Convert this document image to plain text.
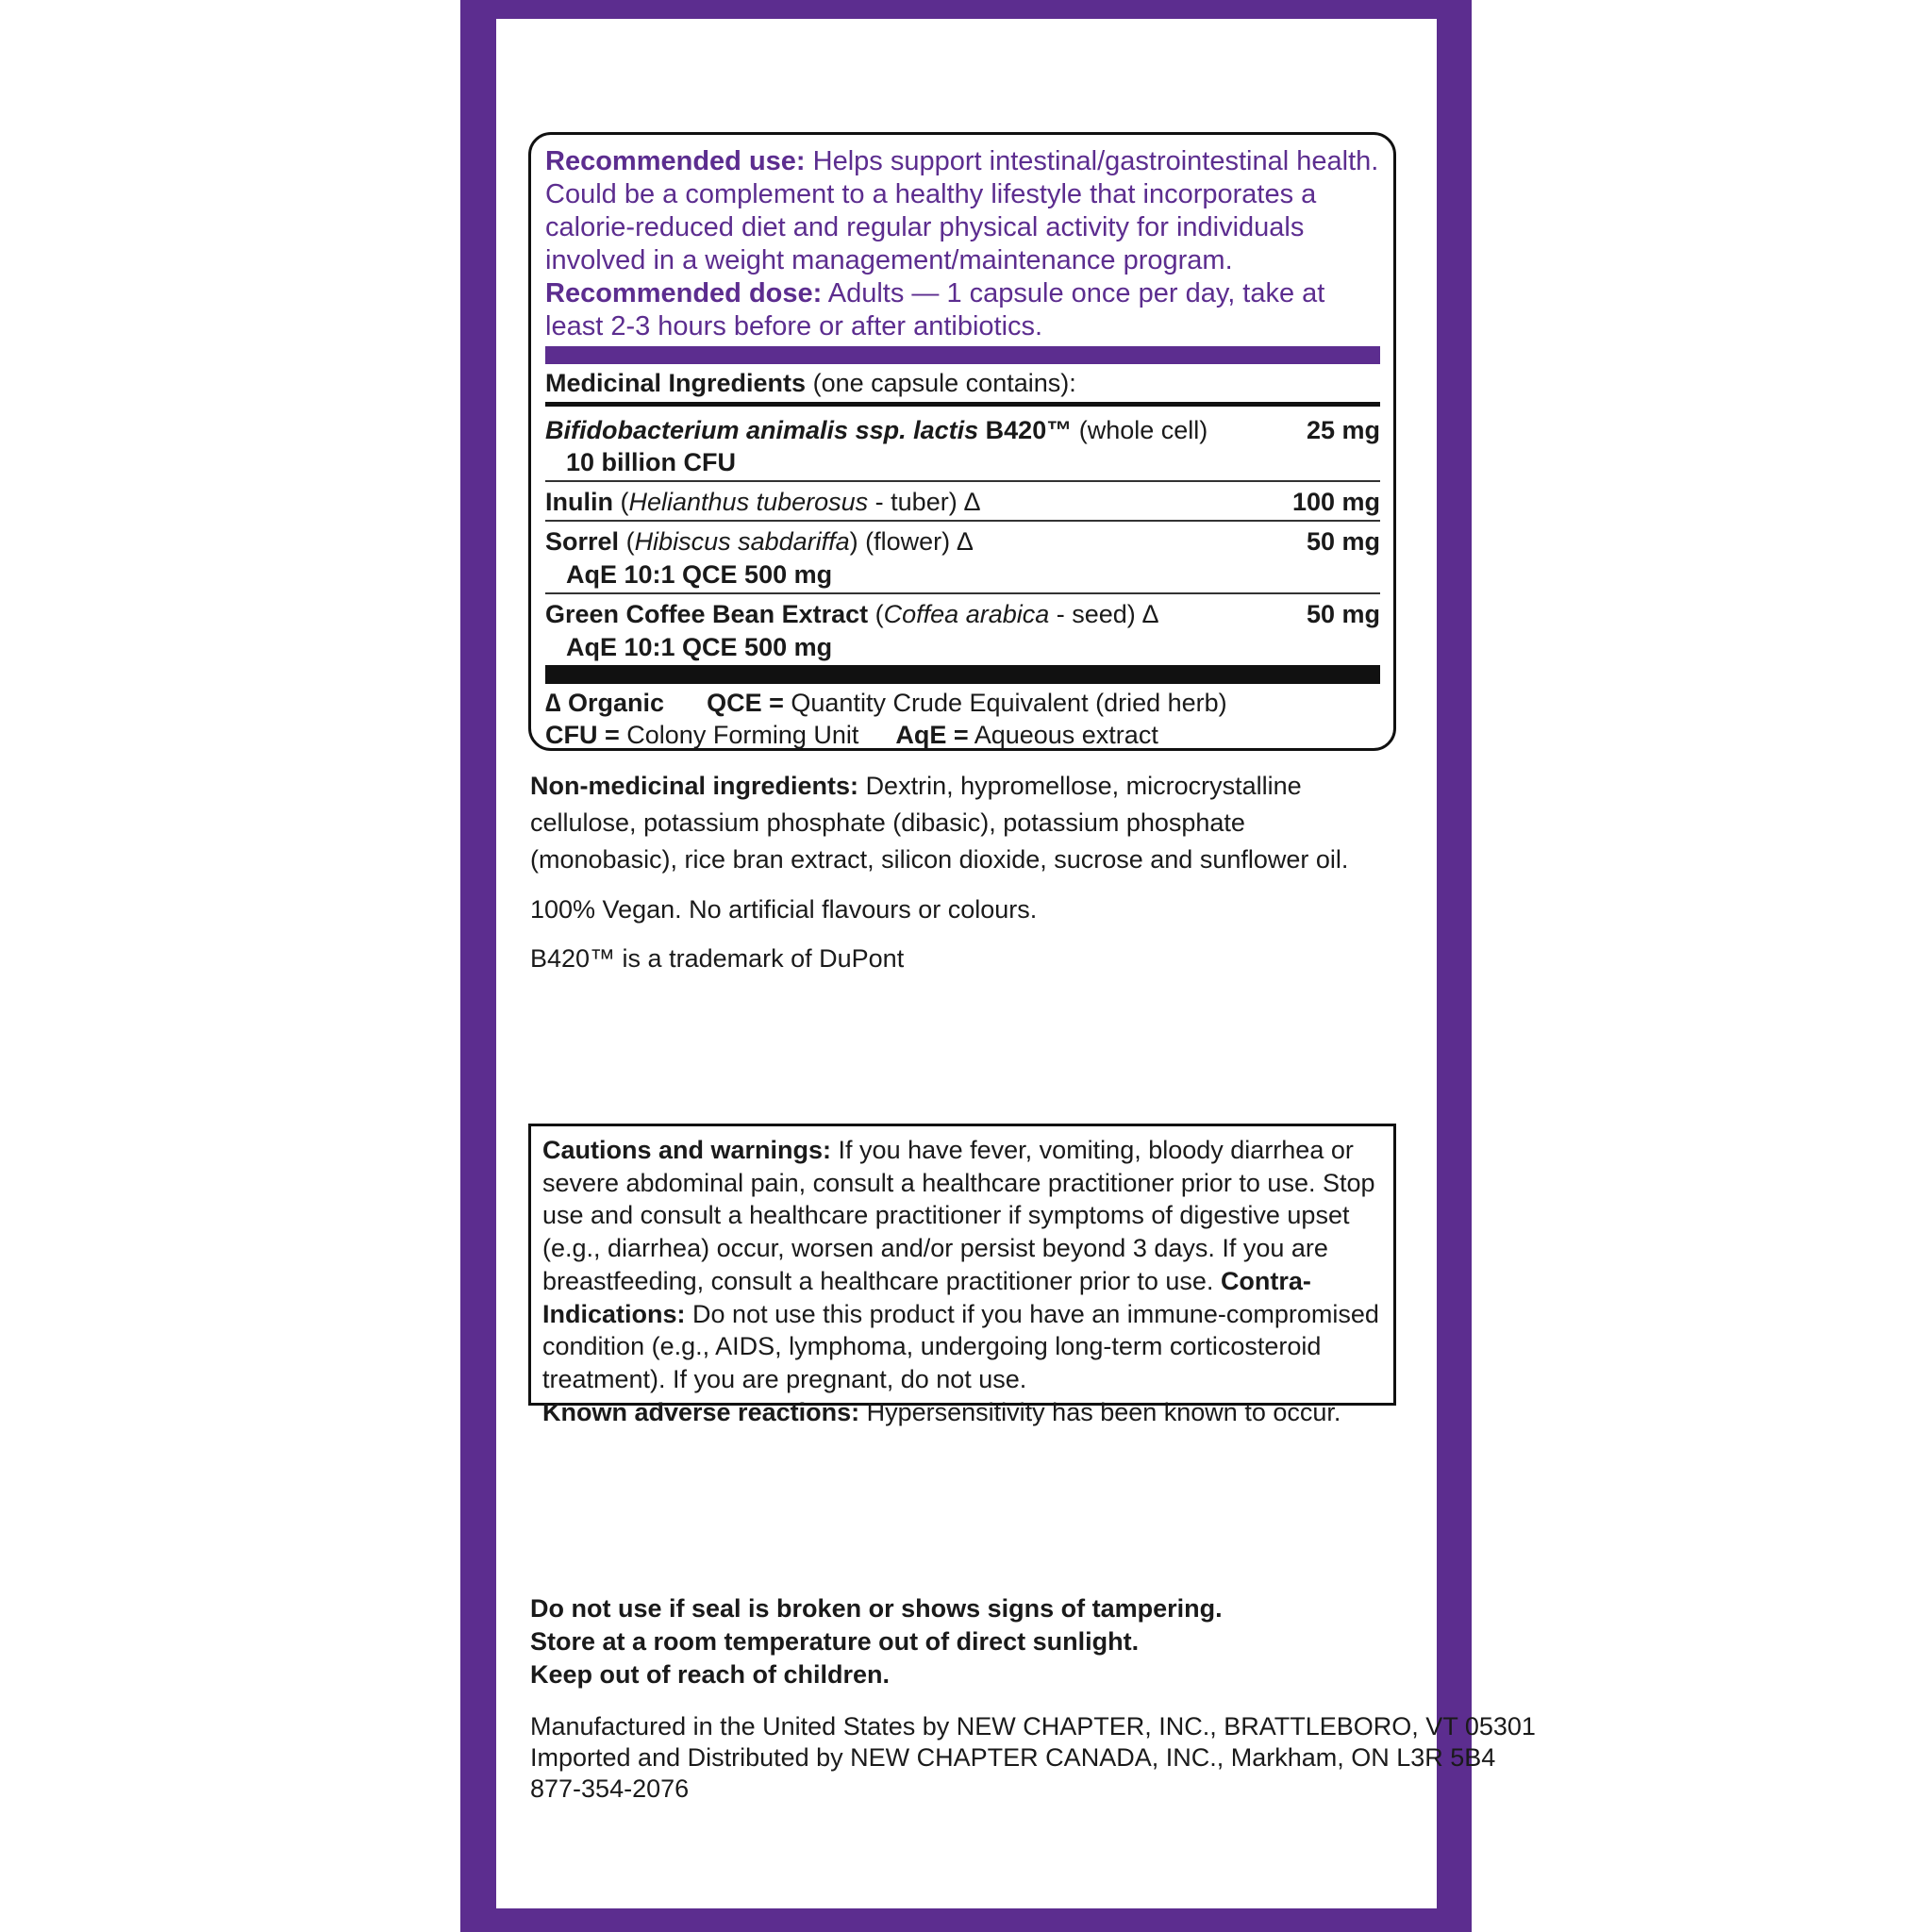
Recommended use: Helps support intestinal/gastrointestinal health. Could be a complement to a healthy lifestyle that incorporates a calorie-reduced diet and regular physical activity for individuals involved in a weight management/maintenance program.
Recommended dose: Adults — 1 capsule once per day, take at least 2-3 hours before or after antibiotics.
Medicinal Ingredients (one capsule contains):
Bifidobacterium animalis ssp. lactis B420™ (whole cell)	25 mg
10 billion CFU
Inulin (Helianthus tuberosus - tuber) ∆	100 mg
Sorrel (Hibiscus sabdariffa) (flower) ∆	50 mg
AqE 10:1 QCE 500 mg
Green Coffee Bean Extract (Coffea arabica - seed) ∆	50 mg
AqE 10:1 QCE 500 mg
∆ Organic QCE = Quantity Crude Equivalent (dried herb)
CFU = Colony Forming Unit AqE = Aqueous extract
Non-medicinal ingredients: Dextrin, hypromellose, microcrystalline cellulose, potassium phosphate (dibasic), potassium phosphate (monobasic), rice bran extract, silicon dioxide, sucrose and sunflower oil.
100% Vegan. No artificial flavours or colours.
B420™ is a trademark of DuPont
Cautions and warnings: If you have fever, vomiting, bloody diarrhea or severe abdominal pain, consult a healthcare practitioner prior to use. Stop use and consult a healthcare practitioner if symptoms of digestive upset (e.g., diarrhea) occur, worsen and/or persist beyond 3 days. If you are breastfeeding, consult a healthcare practitioner prior to use. Contra-Indications: Do not use this product if you have an immune-compromised condition (e.g., AIDS, lymphoma, undergoing long-term corticosteroid treatment). If you are pregnant, do not use.
Known adverse reactions: Hypersensitivity has been known to occur.
Do not use if seal is broken or shows signs of tampering.
Store at a room temperature out of direct sunlight.
Keep out of reach of children.
Manufactured in the United States by NEW CHAPTER, INC., BRATTLEBORO, VT 05301
Imported and Distributed by NEW CHAPTER CANADA, INC., Markham, ON L3R 5B4
877-354-2076
